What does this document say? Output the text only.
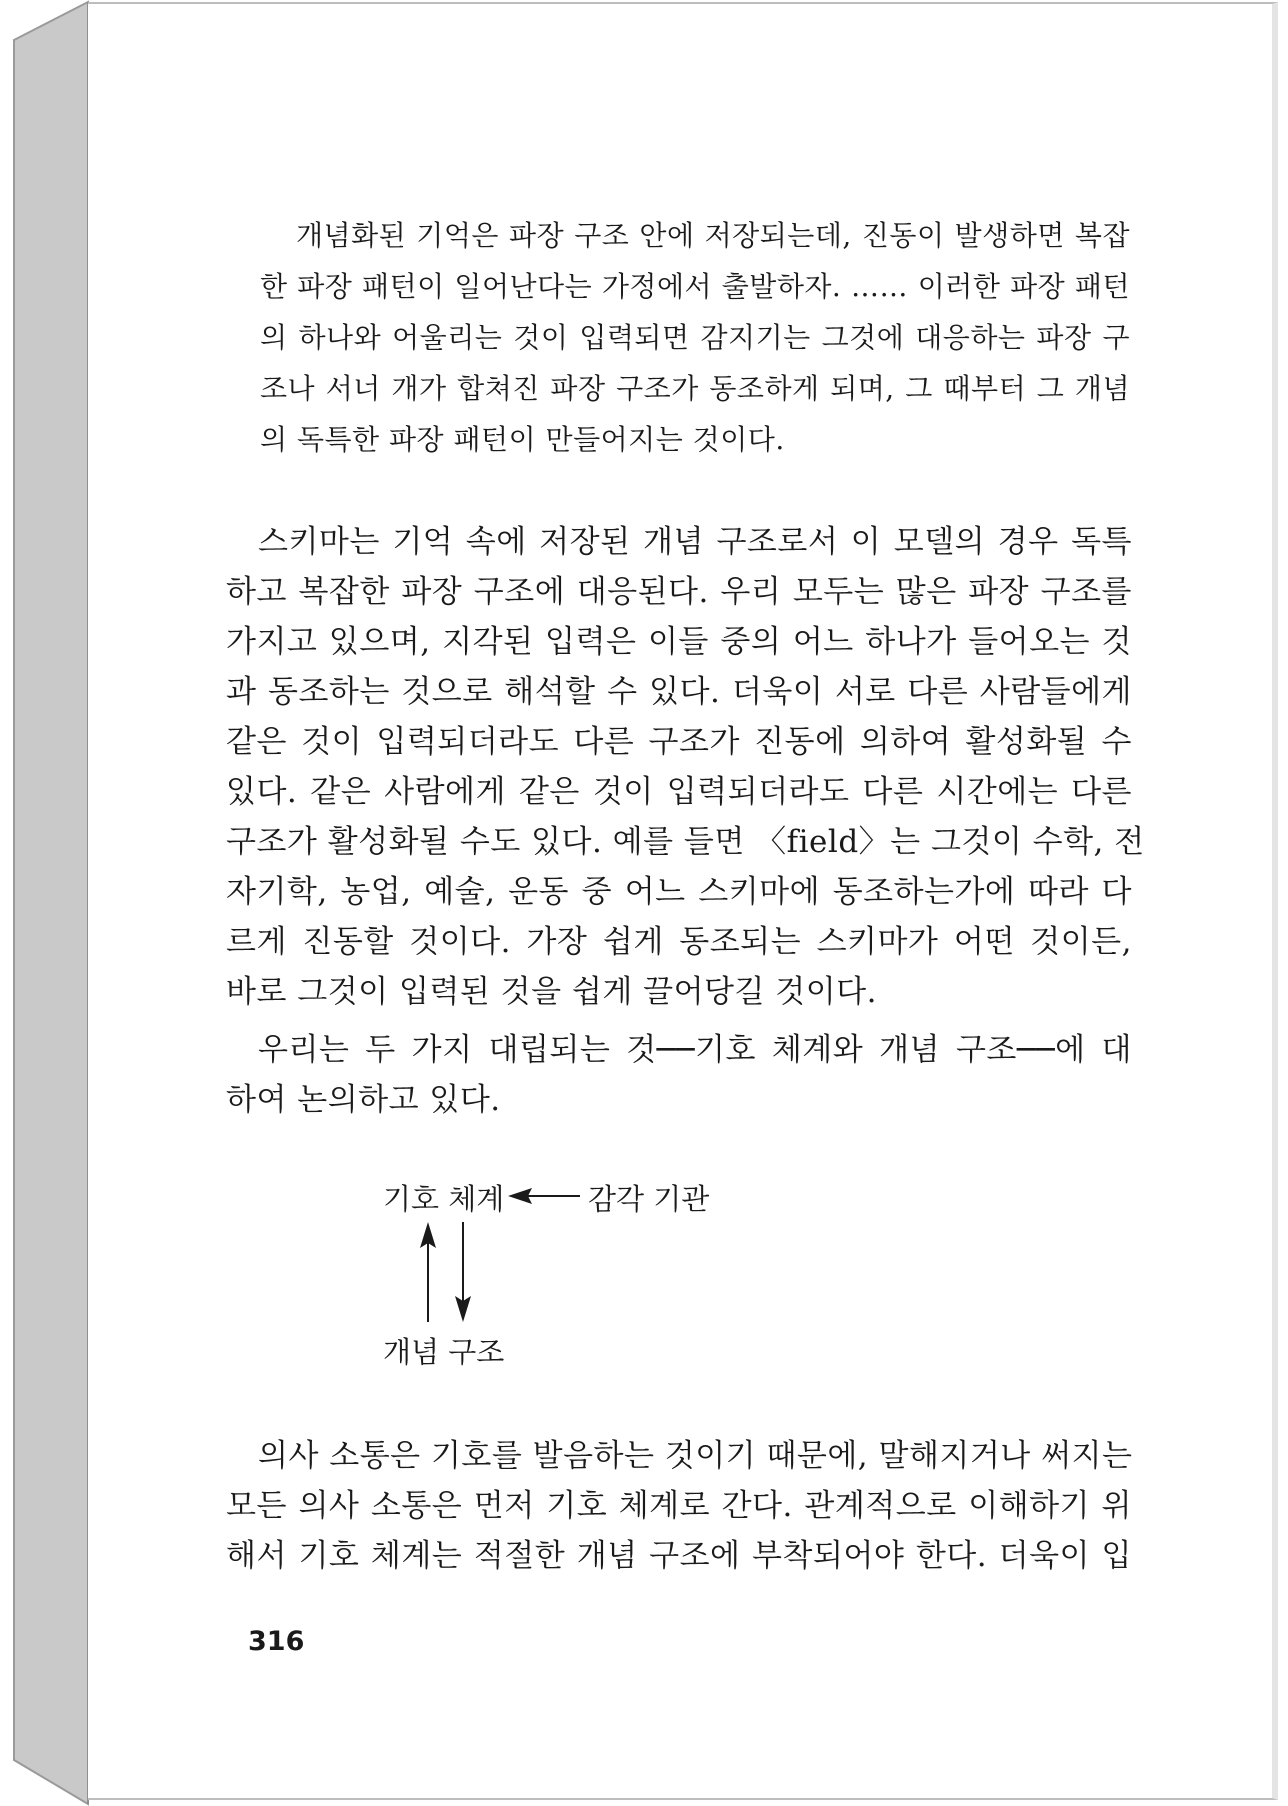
개념화된 기억은 파장 구조 안에 저장되는데, 진동이 발생하면 복잡

한 파장 패턴이 일어난다는 가정에서 출발하자. …… 이러한 파장 패턴

의 하나와 어울리는 것이 입력되면 감지기는 그것에 대응하는 파장 구

조나 서너 개가 합쳐진 파장 구조가 동조하게 되며, 그 때부터 그 개념

의 독특한 파장 패턴이 만들어지는 것이다.

스키마는 기억 속에 저장된 개념 구조로서 이 모델의 경우 독특

하고 복잡한 파장 구조에 대응된다. 우리 모두는 많은 파장 구조를

가지고 있으며, 지각된 입력은 이들 중의 어느 하나가 들어오는 것

과 동조하는 것으로 해석할 수 있다. 더욱이 서로 다른 사람들에게

같은 것이 입력되더라도 다른 구조가 진동에 의하여 활성화될 수

있다. 같은 사람에게 같은 것이 입력되더라도 다른 시간에는 다른

구조가 활성화될 수도 있다. 예를 들면 〈field〉는 그것이 수학, 전

자기학, 농업, 예술, 운동 중 어느 스키마에 동조하는가에 따라 다

르게 진동할 것이다. 가장 쉽게 동조되는 스키마가 어떤 것이든,

바로 그것이 입력된 것을 쉽게 끌어당길 것이다.

우리는 두 가지 대립되는 것──기호 체계와 개념 구조──에 대

하여 논의하고 있다.

기호 체계	감각 기관

개념 구조

의사 소통은 기호를 발음하는 것이기 때문에, 말해지거나 써지는

모든 의사 소통은 먼저 기호 체계로 간다. 관계적으로 이해하기 위

해서 기호 체계는 적절한 개념 구조에 부착되어야 한다. 더욱이 입

316
